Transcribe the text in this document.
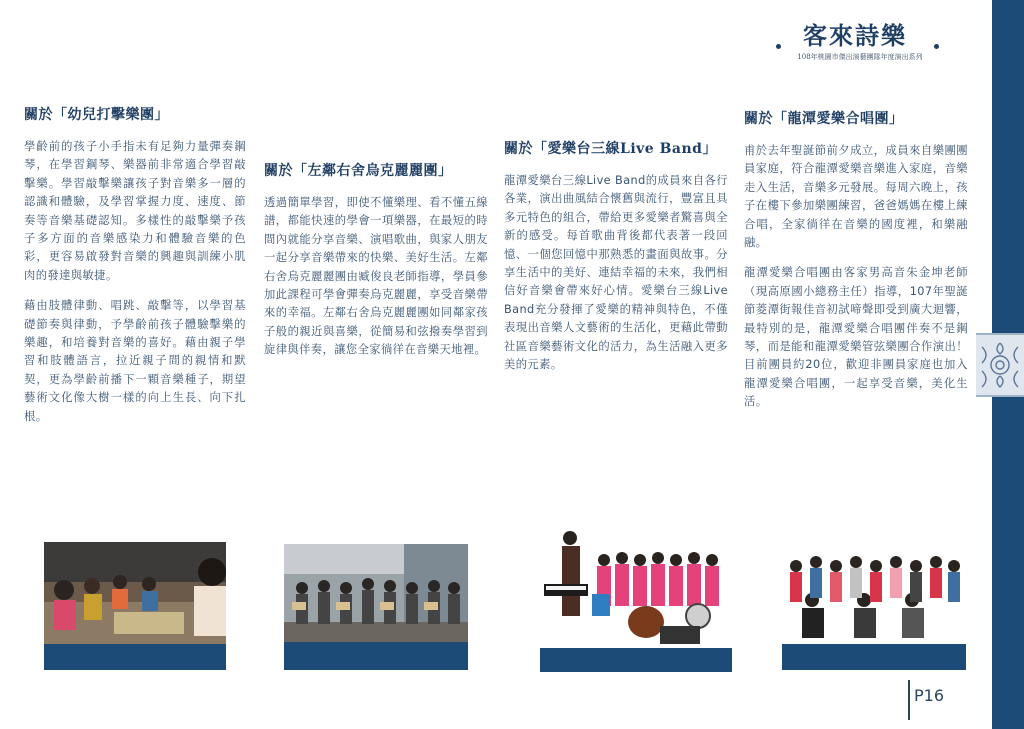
客來詩樂
108年桃園市傑出演藝團隊年度演出系列
關於「幼兒打擊樂團」

學齡前的孩子小手指未有足夠力量彈奏鋼琴，在學習鋼琴、樂器前非常適合學習敲擊樂。學習敲擊樂讓孩子對音樂多一層的認識和體驗，及學習掌握力度、速度、節奏等音樂基礎認知。多樣性的敲擊樂予孩子多方面的音樂感染力和體驗音樂的色彩，更容易啟發對音樂的興趣與訓練小肌肉的發達與敏捷。

藉由肢體律動、唱跳、敲擊等，以學習基礎節奏與律動，予學齡前孩子體驗擊樂的樂趣，和培養對音樂的喜好。藉由親子學習和肢體語言，拉近親子間的親情和默契，更為學齡前播下一顆音樂種子，期望藝術文化像大樹一樣的向上生長、向下扎根。

關於「左鄰右舍烏克麗麗團」

透過簡單學習，即使不懂樂理、看不懂五線譜，都能快速的學會一項樂器，在最短的時間內就能分享音樂、演唱歌曲，與家人朋友一起分享音樂帶來的快樂、美好生活。左鄰右舍烏克麗麗團由臧俊良老師指導，學員參加此課程可學會彈奏烏克麗麗，享受音樂帶來的幸福。左鄰右舍烏克麗麗團如同鄰家孩子般的親近與喜樂，從簡易和弦撥奏學習到旋律與伴奏，讓您全家徜徉在音樂天地裡。

關於「愛樂台三線Live Band」

龍潭愛樂台三線Live Band的成員來自各行各業，演出曲風結合懷舊與流行，豐富且具多元特色的組合，帶給更多愛樂者驚喜與全新的感受。每首歌曲背後都代表著一段回憶、一個您回憶中那熟悉的畫面與故事。分享生活中的美好、連結幸福的未來，我們相信好音樂會帶來好心情。愛樂台三線Live Band充分發揮了愛樂的精神與特色，不僅表現出音樂人文藝術的生活化，更藉此帶動社區音樂藝術文化的活力，為生活融入更多美的元素。

關於「龍潭愛樂合唱團」

甫於去年聖誕節前夕成立，成員來自樂團團員家庭，符合龍潭愛樂音樂進入家庭，音樂走入生活，音樂多元發展。每周六晚上，孩子在樓下參加樂團練習，爸爸媽媽在樓上練合唱，全家徜徉在音樂的國度裡，和樂融融。

龍潭愛樂合唱團由客家男高音朱金坤老師（現高原國小總務主任）指導，107年聖誕節菱潭街報佳音初試啼聲即受到廣大迴響，最特別的是，龍潭愛樂合唱團伴奏不是鋼琴，而是能和龍潭愛樂管弦樂團合作演出！目前團員約20位，歡迎非團員家庭也加入龍潭愛樂合唱團，一起享受音樂，美化生活。

P16
